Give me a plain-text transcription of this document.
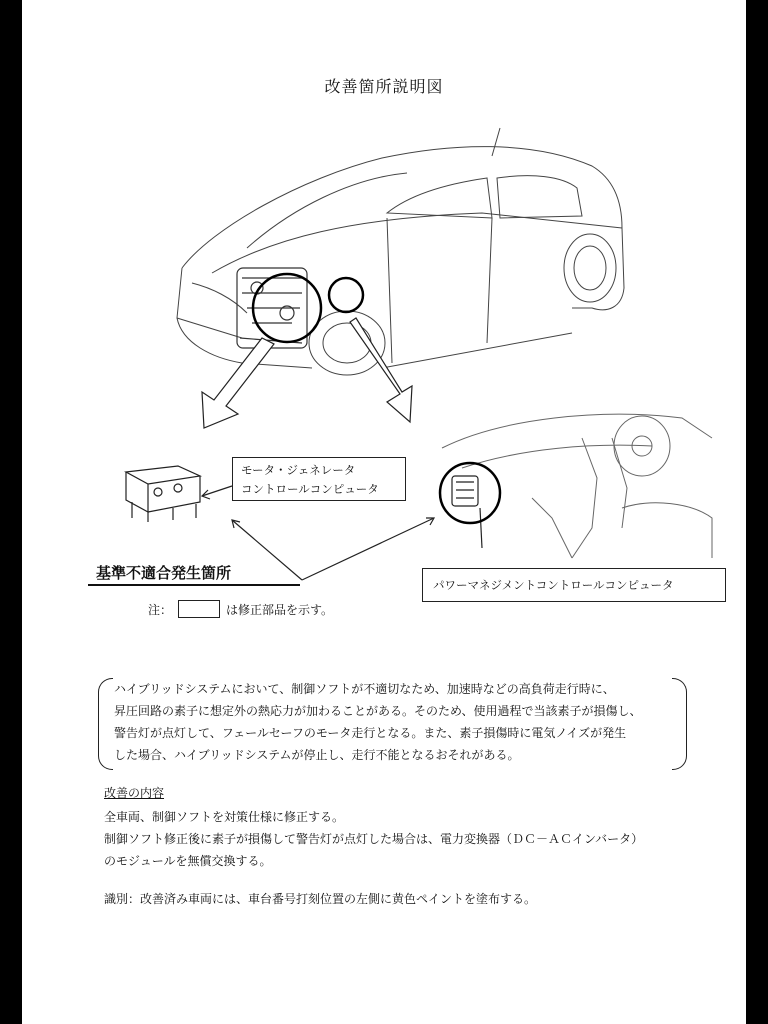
改善箇所説明図
モータ・ジェネレータ
コントロールコンピュータ
パワーマネジメントコントロールコンピュータ
基準不適合発生箇所
注：	は修正部品を示す。
ハイブリッドシステムにおいて、制御ソフトが不適切なため、加速時などの高負荷走行時に、
昇圧回路の素子に想定外の熱応力が加わることがある。そのため、使用過程で当該素子が損傷し、
警告灯が点灯して、フェールセーフのモータ走行となる。また、素子損傷時に電気ノイズが発生
した場合、ハイブリッドシステムが停止し、走行不能となるおそれがある。
改善の内容
全車両、制御ソフトを対策仕様に修正する。
制御ソフト修正後に素子が損傷して警告灯が点灯した場合は、電力変換器（ＤＣ－ＡＣインバータ）
のモジュールを無償交換する。
識別：改善済み車両には、車台番号打刻位置の左側に黄色ペイントを塗布する。
